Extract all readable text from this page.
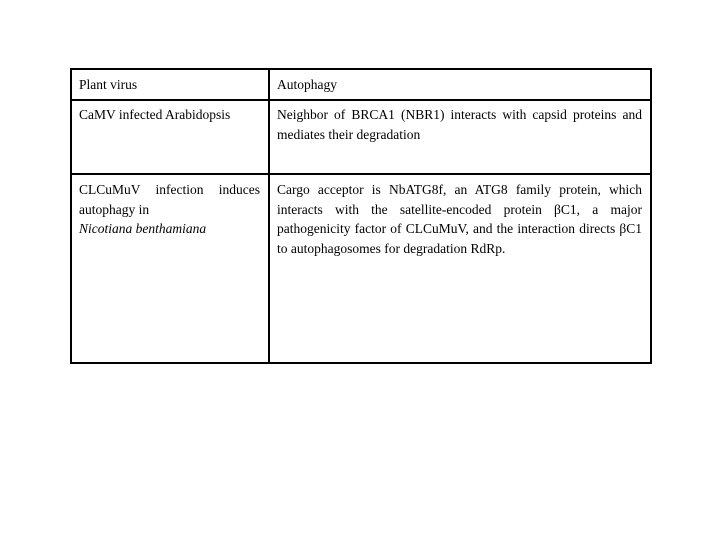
Plant virus	Autophagy

CaMV infected Arabidopsis	Neighbor of BRCA1 (NBR1) interacts with capsid proteins and mediates their degradation

CLCuMuV infection induces autophagy in
Nicotiana benthamiana	Cargo acceptor is NbATG8f, an ATG8 family protein, which interacts with the satellite-encoded protein βC1, a major pathogenicity factor of CLCuMuV, and the interaction directs βC1 to autophagosomes for degradation RdRp.
